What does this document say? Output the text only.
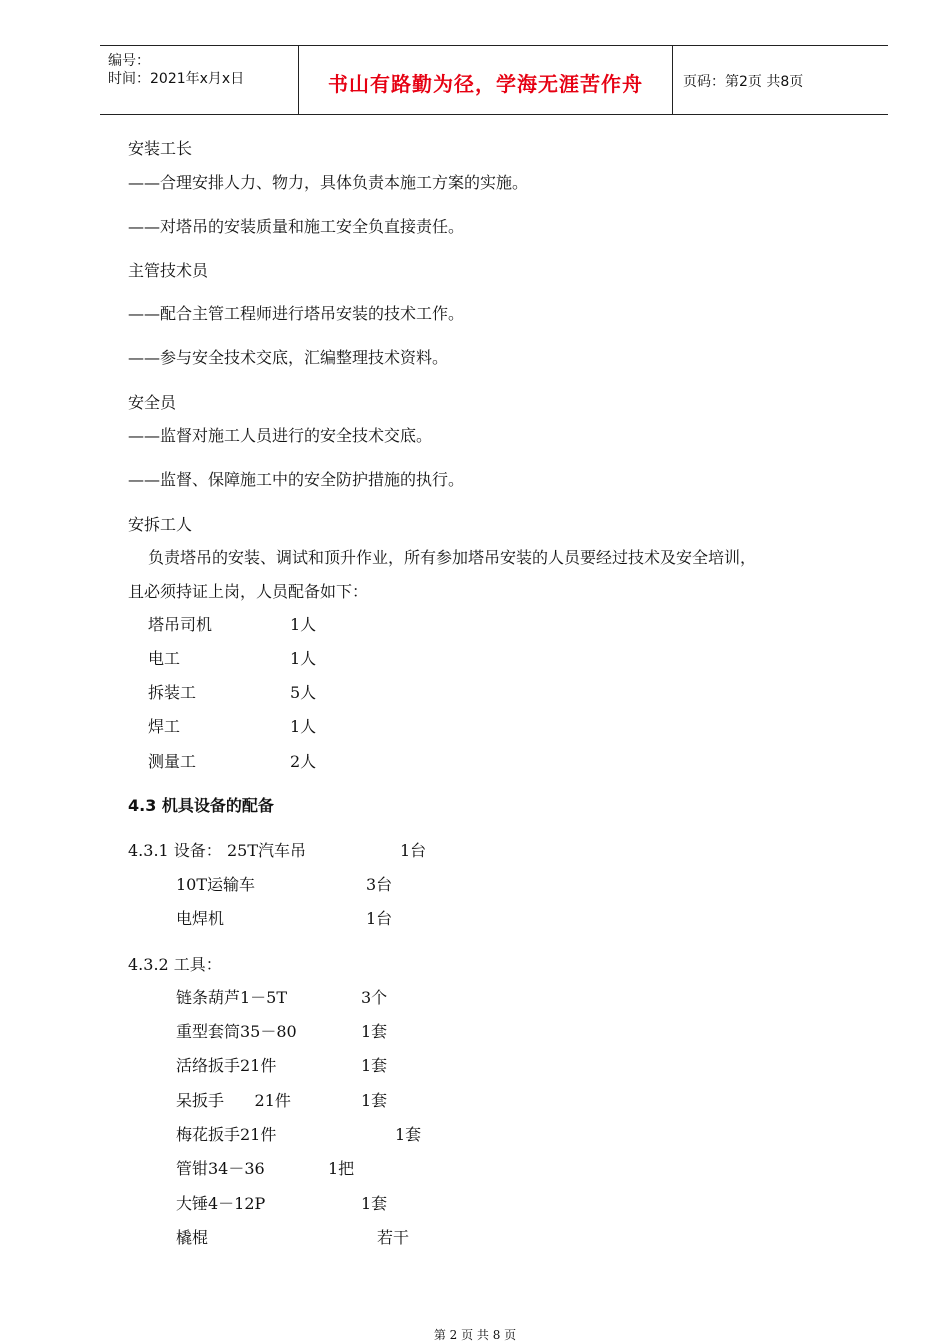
编号：
时间：2021年x月x日	书山有路勤为径，学海无涯苦作舟	页码：第2页 共8页
安装工长
——合理安排人力、物力，具体负责本施工方案的实施。
——对塔吊的安装质量和施工安全负直接责任。
主管技术员
——配合主管工程师进行塔吊安装的技术工作。
——参与安全技术交底，汇编整理技术资料。
安全员
——监督对施工人员进行的安全技术交底。
——监督、保障施工中的安全防护措施的执行。
安拆工人
负责塔吊的安装、调试和顶升作业，所有参加塔吊安装的人员要经过技术及安全培训，
且必须持证上岗，人员配备如下：
塔吊司机	1人
电工	1人
拆装工	5人
焊工	1人
测量工	2人
4.3 机具设备的配备
4.3.1 设备： 25T汽车吊	1台
10T运输车	3台
电焊机	1台
4.3.2 工具：
链条葫芦1－5T	3个
重型套筒35－80	1套
活络扳手21件	1套
呆扳手      21件	1套
梅花扳手21件	1套
管钳34－36	1把
大锤4－12P	1套
橇棍	若干
第 2 页 共 8 页
